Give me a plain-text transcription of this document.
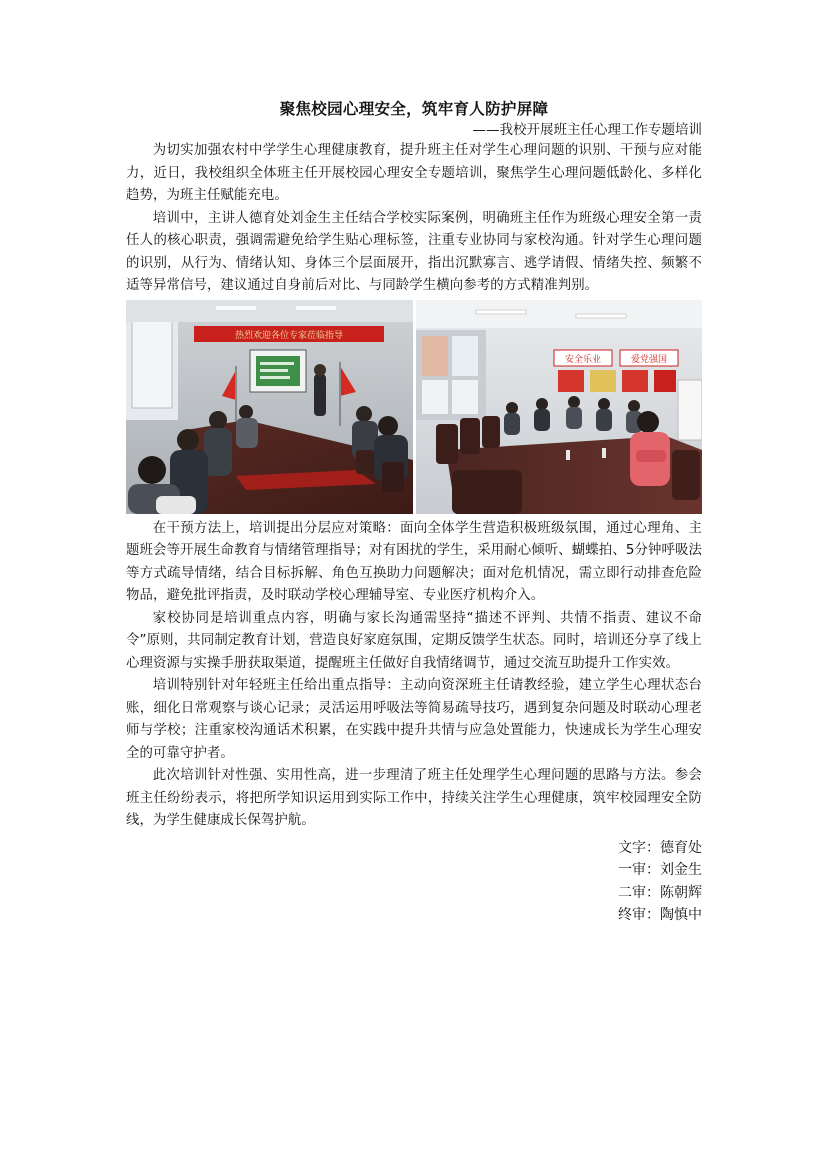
聚焦校园心理安全，筑牢育人防护屏障
——我校开展班主任心理工作专题培训

为切实加强农村中学学生心理健康教育，提升班主任对学生心理问题的识别、干预与应对能力，近日，我校组织全体班主任开展校园心理安全专题培训，聚焦学生心理问题低龄化、多样化趋势，为班主任赋能充电。

培训中，主讲人德育处刘金生主任结合学校实际案例，明确班主任作为班级心理安全第一责任人的核心职责，强调需避免给学生贴心理标签，注重专业协同与家校沟通。针对学生心理问题的识别，从行为、情绪认知、身体三个层面展开，指出沉默寡言、逃学请假、情绪失控、频繁不适等异常信号，建议通过自身前后对比、与同龄学生横向参考的方式精准判别。

热烈欢迎各位专家莅临指导
安全乐业	爱党强国

在干预方法上，培训提出分层应对策略：面向全体学生营造积极班级氛围，通过心理角、主题班会等开展生命教育与情绪管理指导；对有困扰的学生，采用耐心倾听、蝴蝶拍、5分钟呼吸法等方式疏导情绪，结合目标拆解、角色互换助力问题解决；面对危机情况，需立即行动排查危险物品，避免批评指责，及时联动学校心理辅导室、专业医疗机构介入。

家校协同是培训重点内容，明确与家长沟通需坚持“描述不评判、共情不指责、建议不命令”原则，共同制定教育计划，营造良好家庭氛围，定期反馈学生状态。同时，培训还分享了线上心理资源与实操手册获取渠道，提醒班主任做好自我情绪调节，通过交流互助提升工作实效。

培训特别针对年轻班主任给出重点指导：主动向资深班主任请教经验，建立学生心理状态台账，细化日常观察与谈心记录；灵活运用呼吸法等简易疏导技巧，遇到复杂问题及时联动心理老师与学校；注重家校沟通话术积累，在实践中提升共情与应急处置能力，快速成长为学生心理安全的可靠守护者。

此次培训针对性强、实用性高，进一步理清了班主任处理学生心理问题的思路与方法。参会班主任纷纷表示，将把所学知识运用到实际工作中，持续关注学生心理健康，筑牢校园理安全防线，为学生健康成长保驾护航。

文字：德育处
一审：刘金生
二审：陈朝辉
终审：陶慎中
